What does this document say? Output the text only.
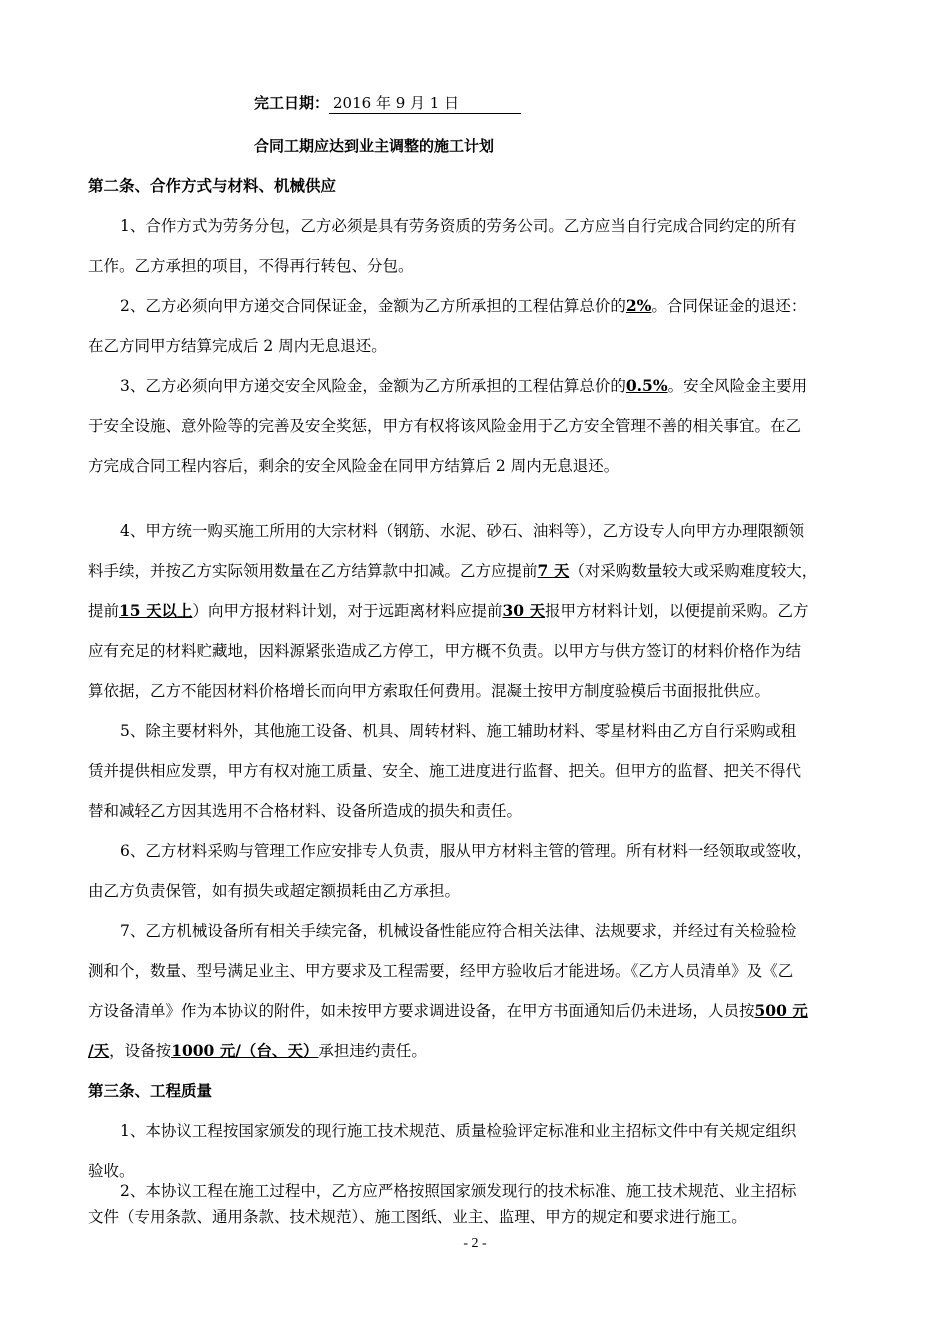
完工日期： 2016 年 9 月 1 日
合同工期应达到业主调整的施工计划
第二条、合作方式与材料、机械供应
1、合作方式为劳务分包，乙方必须是具有劳务资质的劳务公司。乙方应当自行完成合同约定的所有
工作。乙方承担的项目，不得再行转包、分包。
2、乙方必须向甲方递交合同保证金，金额为乙方所承担的工程估算总价的2%。合同保证金的退还：
在乙方同甲方结算完成后 2 周内无息退还。
3、乙方必须向甲方递交安全风险金，金额为乙方所承担的工程估算总价的0.5%。安全风险金主要用
于安全设施、意外险等的完善及安全奖惩，甲方有权将该风险金用于乙方安全管理不善的相关事宜。在乙
方完成合同工程内容后，剩余的安全风险金在同甲方结算后 2 周内无息退还。
4、甲方统一购买施工所用的大宗材料（钢筋、水泥、砂石、油料等），乙方设专人向甲方办理限额领
料手续，并按乙方实际领用数量在乙方结算款中扣减。乙方应提前7 天（对采购数量较大或采购难度较大，
提前15 天以上）向甲方报材料计划，对于远距离材料应提前30 天报甲方材料计划，以便提前采购。乙方
应有充足的材料贮藏地，因料源紧张造成乙方停工，甲方概不负责。以甲方与供方签订的材料价格作为结
算依据，乙方不能因材料价格增长而向甲方索取任何费用。混凝土按甲方制度验模后书面报批供应。
5、除主要材料外，其他施工设备、机具、周转材料、施工辅助材料、零星材料由乙方自行采购或租
赁并提供相应发票，甲方有权对施工质量、安全、施工进度进行监督、把关。但甲方的监督、把关不得代
替和减轻乙方因其选用不合格材料、设备所造成的损失和责任。
6、乙方材料采购与管理工作应安排专人负责，服从甲方材料主管的管理。所有材料一经领取或签收，
由乙方负责保管，如有损失或超定额损耗由乙方承担。
7、乙方机械设备所有相关手续完备，机械设备性能应符合相关法律、法规要求，并经过有关检验检
测和个，数量、型号满足业主、甲方要求及工程需要，经甲方验收后才能进场。《乙方人员清单》及《乙
方设备清单》作为本协议的附件，如未按甲方要求调进设备，在甲方书面通知后仍未进场，人员按500 元
/天，设备按1000 元/（台、天）承担违约责任。
第三条、工程质量
1、本协议工程按国家颁发的现行施工技术规范、质量检验评定标准和业主招标文件中有关规定组织
验收。
2、本协议工程在施工过程中，乙方应严格按照国家颁发现行的技术标准、施工技术规范、业主招标
文件（专用条款、通用条款、技术规范）、施工图纸、业主、监理、甲方的规定和要求进行施工。
- 2 -
